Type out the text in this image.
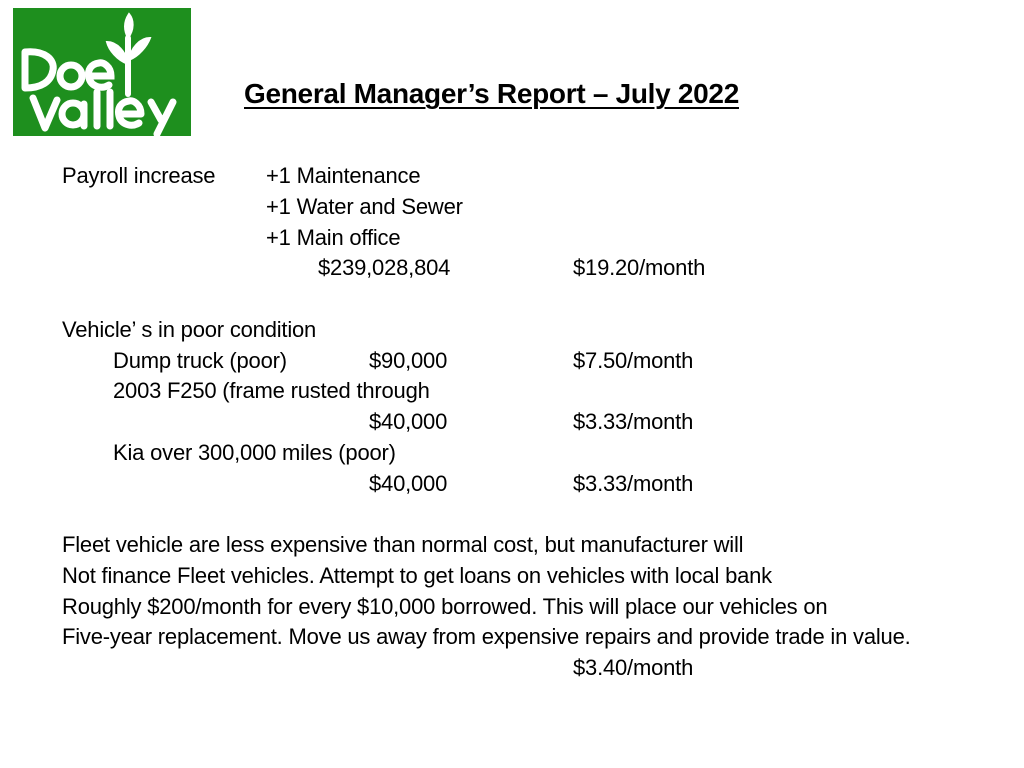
General Manager’s Report – July 2022
Payroll increase +1 Maintenance
+1 Water and Sewer
+1 Main office
$239,028,804	$19.20/month
Vehicle’ s in poor condition
Dump truck (poor)	$90,000	$7.50/month
2003 F250 (frame rusted through
$40,000	$3.33/month
Kia over 300,000 miles (poor)
$40,000	$3.33/month
Fleet vehicle are less expensive than normal cost, but manufacturer will
Not finance Fleet vehicles. Attempt to get loans on vehicles with local bank
Roughly $200/month for every $10,000 borrowed. This will place our vehicles on
Five-year replacement. Move us away from expensive repairs and provide trade in value.
$3.40/month
